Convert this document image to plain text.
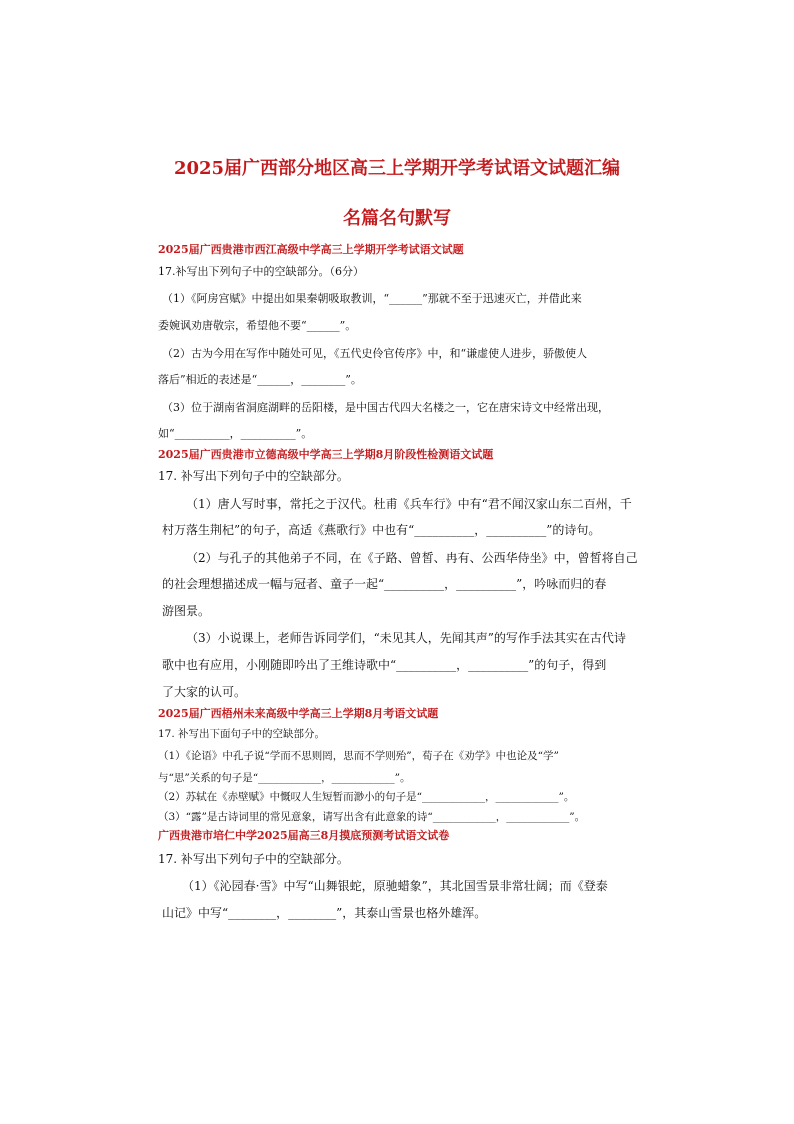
2025届广西部分地区高三上学期开学考试语文试题汇编
名篇名句默写
2025届广西贵港市西江高级中学高三上学期开学考试语文试题
17.补写出下列句子中的空缺部分。（6分）
（1）《阿房宫赋》中提出如果秦朝吸取教训，“______”那就不至于迅速灭亡，并借此来
委婉讽劝唐敬宗，希望他不要“______”。
（2）古为今用在写作中随处可见，《五代史伶官传序》中，和“谦虚使人进步，骄傲使人
落后”相近的表述是“______，________”。
（3）位于湖南省洞庭湖畔的岳阳楼，是中国古代四大名楼之一，它在唐宋诗文中经常出现，
如“__________，__________”。
2025届广西贵港市立德高级中学高三上学期8月阶段性检测语文试题
17. 补写出下列句子中的空缺部分。
（1）唐人写时事，常托之于汉代。杜甫《兵车行》中有“君不闻汉家山东二百州，千
村万落生荆杞”的句子，高适《燕歌行》中也有“__________，__________”的诗句。
（2）与孔子的其他弟子不同，在《子路、曾皙、冉有、公西华侍坐》中，曾皙将自己
的社会理想描述成一幅与冠者、童子一起“__________，__________”，吟咏而归的春
游图景。
（3）小说课上，老师告诉同学们，“未见其人，先闻其声”的写作手法其实在古代诗
歌中也有应用，小刚随即吟出了王维诗歌中“__________，__________”的句子，得到
了大家的认可。
2025届广西梧州未来高级中学高三上学期8月考语文试题
17. 补写出下面句子中的空缺部分。
（1）《论语》中孔子说“学而不思则罔，思而不学则殆”，荀子在《劝学》中也论及“学”
与“思”关系的句子是“____________，____________”。
（2）苏轼在《赤壁赋》中慨叹人生短暂而渺小的句子是“____________，____________”。
（3）“露”是古诗词里的常见意象，请写出含有此意象的诗“____________，____________”。
广西贵港市培仁中学2025届高三8月摸底预测考试语文试卷
17. 补写出下列句子中的空缺部分。
（1）《沁园春·雪》中写“山舞银蛇，原驰蜡象”，其北国雪景非常壮阔；而《登泰
山记》中写“________，________”，其泰山雪景也格外雄浑。
